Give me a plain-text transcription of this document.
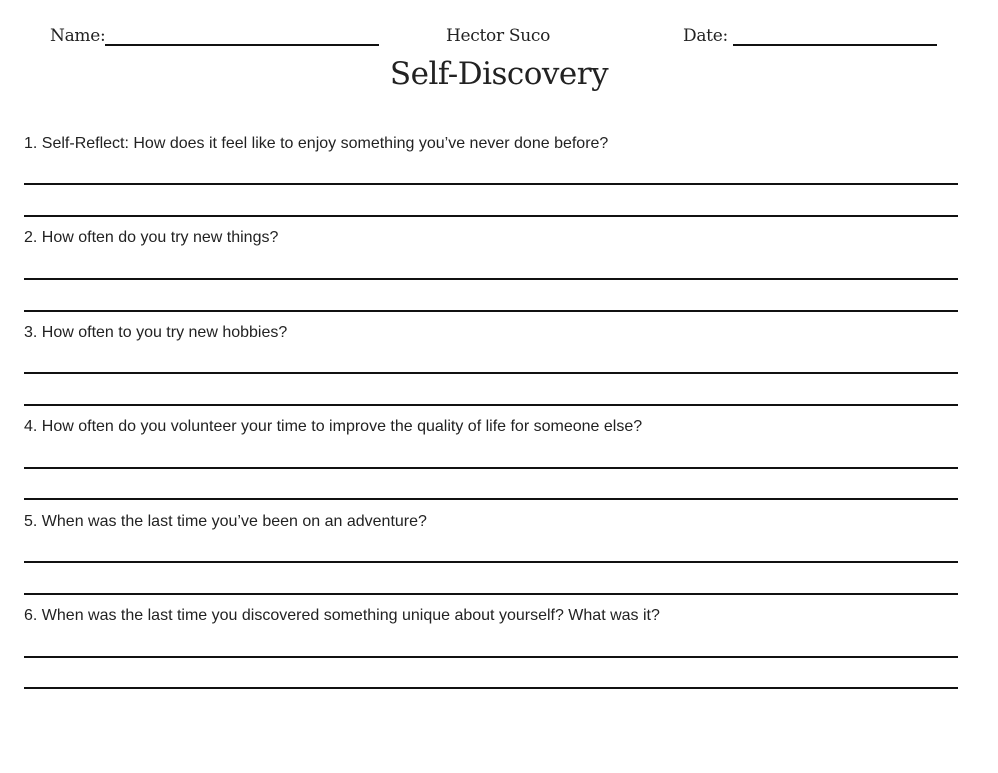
Name:	Hector Suco	Date:
Self-Discovery
1. Self-Reflect: How does it feel like to enjoy something you’ve never done before?
2. How often do you try new things?
3. How often to you try new hobbies?
4. How often do you volunteer your time to improve the quality of life for someone else?
5. When was the last time you’ve been on an adventure?
6. When was the last time you discovered something unique about yourself? What was it?
